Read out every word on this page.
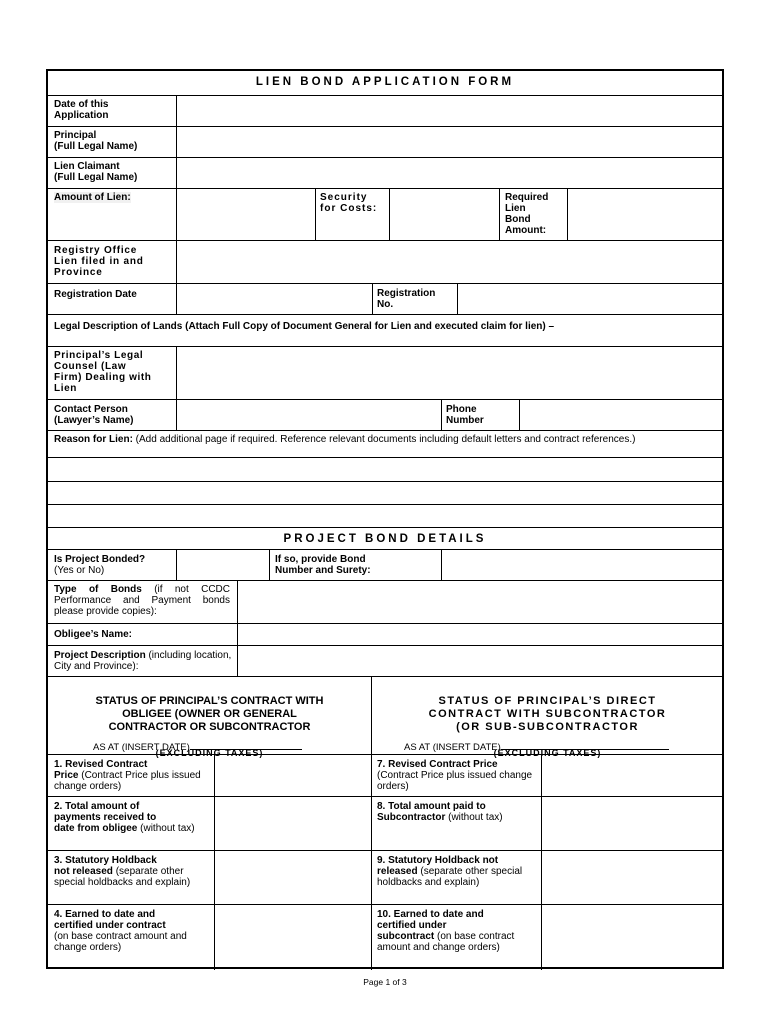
LIEN BOND APPLICATION FORM
Date of this
Application
Principal
(Full Legal Name)
Lien Claimant
(Full Legal Name)
Amount of Lien:	Security
for Costs:
Required
Lien
Bond
Amount:
Registry Office
Lien filed in and
Province
Registration Date	Registration
No.
Legal Description of Lands (Attach Full Copy of Document General for Lien and executed claim for lien) –
Principal’s Legal
Counsel (Law
Firm) Dealing with
Lien
Contact Person
(Lawyer’s Name)
Phone
Number
Reason for Lien: (Add additional page if required. Reference relevant documents including default letters and contract references.)
PROJECT BOND DETAILS
Is Project Bonded?
(Yes or No)
If so, provide Bond
Number and Surety:
Type of Bonds (if not CCDC Performance and Payment bonds please provide copies):
Obligee’s Name:
Project Description (including location, City and Province):

STATUS OF PRINCIPAL’S CONTRACT WITH
OBLIGEE (OWNER OR GENERAL
CONTRACTOR OR SUBCONTRACTOR

(EXCLUDING TAXES)

AS AT (INSERT DATE)

STATUS OF PRINCIPAL’S DIRECT
CONTRACT WITH SUBCONTRACTOR
(OR SUB-SUBCONTRACTOR

(EXCLUDING TAXES)

AS AT (INSERT DATE)
1. Revised Contract
Price (Contract Price plus issued change orders)
7. Revised Contract Price
(Contract Price plus issued change orders)
2. Total amount of
payments received to
date from obligee (without tax)
8. Total amount paid to
Subcontractor (without tax)
3. Statutory Holdback
not released (separate other special holdbacks and explain)
9. Statutory Holdback not
released (separate other special holdbacks and explain)
4. Earned to date and
certified under contract
(on base contract amount and change orders)
10. Earned to date and
certified under
subcontract (on base contract amount and change orders)
Page 1 of 3
